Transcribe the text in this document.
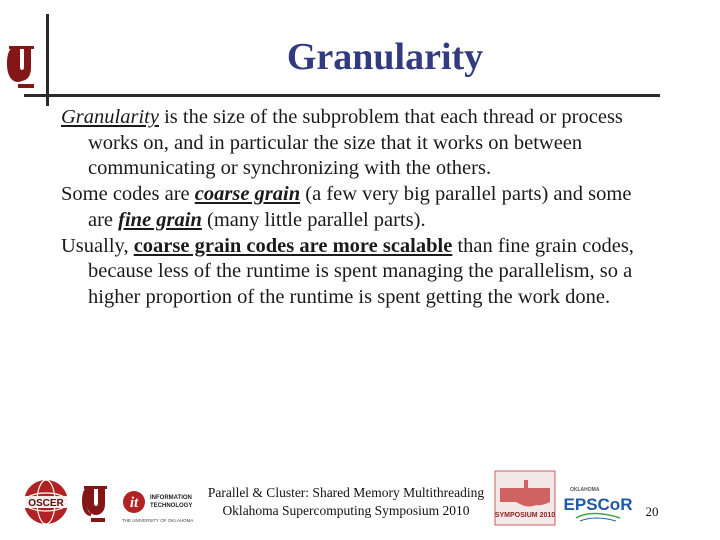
Granularity

Granularity is the size of the subproblem that each thread or process works on, and in particular the size that it works on between communicating or synchronizing with the others.

Some codes are coarse grain (a few very big parallel parts) and some are fine grain (many little parallel parts).

Usually, coarse grain codes are more scalable than fine grain codes, because less of the runtime is spent managing the parallelism, so a higher proportion of the runtime is spent getting the work done.

OSCER	it INFORMATION
TECHNOLOGY
THE UNIVERSITY OF OKLAHOMA
Parallel & Cluster: Shared Memory Multithreading
Oklahoma Supercomputing Symposium 2010	SYMPOSIUM 2010
OKLAHOMA
EPSCoR	20
